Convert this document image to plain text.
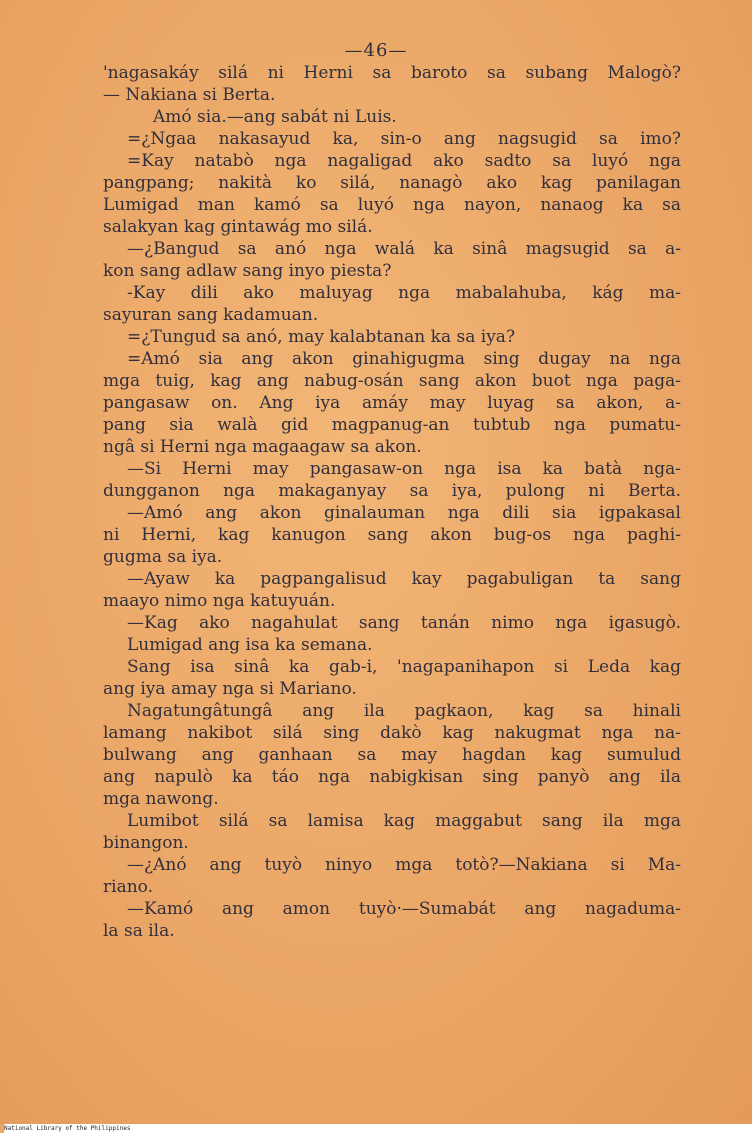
—46—
'nagasakáy silá ni Herni sa baroto sa subang Malogò?
— Nakiana si Berta.
Amó sia.—ang sabát ni Luis.
=¿Ngaa nakasayud ka, sin-o ang nagsugid sa imo?
=Kay natabò nga nagaligad ako sadto sa luyó nga
pangpang; nakità ko silá, nanagò ako kag panilagan
Lumigad man kamó sa luyó nga nayon, nanaog ka sa
salakyan kag gintawág mo silá.
—¿Bangud sa anó nga walá ka sinâ magsugid sa a-
kon sang adlaw sang inyo piesta?
-Kay dili ako maluyag nga mabalahuba, kág ma-
sayuran sang kadamuan.
=¿Tungud sa anó, may kalabtanan ka sa iya?
=Amó sia ang akon ginahigugma sing dugay na nga
mga tuig, kag ang nabug-osán sang akon buot nga paga-
pangasaw on. Ang iya amáy may luyag sa akon, a-
pang sia walà gid magpanug-an tubtub nga pumatu-
ngâ si Herni nga magaagaw sa akon.
—Si Herni may pangasaw-on nga isa ka batà nga-
dungganon nga makaganyay sa iya, pulong ni Berta.
—Amó ang akon ginalauman nga dili sia igpakasal
ni Herni, kag kanugon sang akon bug-os nga paghi-
gugma sa iya.
—Ayaw ka pagpangalisud kay pagabuligan ta sang
maayo nimo nga katuyuán.
—Kag ako nagahulat sang tanán nimo nga igasugò.
Lumigad ang isa ka semana.
Sang isa sinâ ka gab-i, 'nagapanihapon si Leda kag
ang iya amay nga si Mariano.
Nagatungâtungâ ang ila pagkaon, kag sa hinali
lamang nakibot silá sing dakò kag nakugmat nga na-
bulwang ang ganhaan sa may hagdan kag sumulud
ang napulò ka táo nga nabigkisan sing panyò ang ila
mga nawong.
Lumibot silá sa lamisa kag maggabut sang ila mga
binangon.
—¿Anó ang tuyò ninyo mga totò?—Nakiana si Ma-
riano.
—Kamó ang amon tuyò·—Sumabát ang nagaduma-
la sa ila.
National Library of the Philippines
